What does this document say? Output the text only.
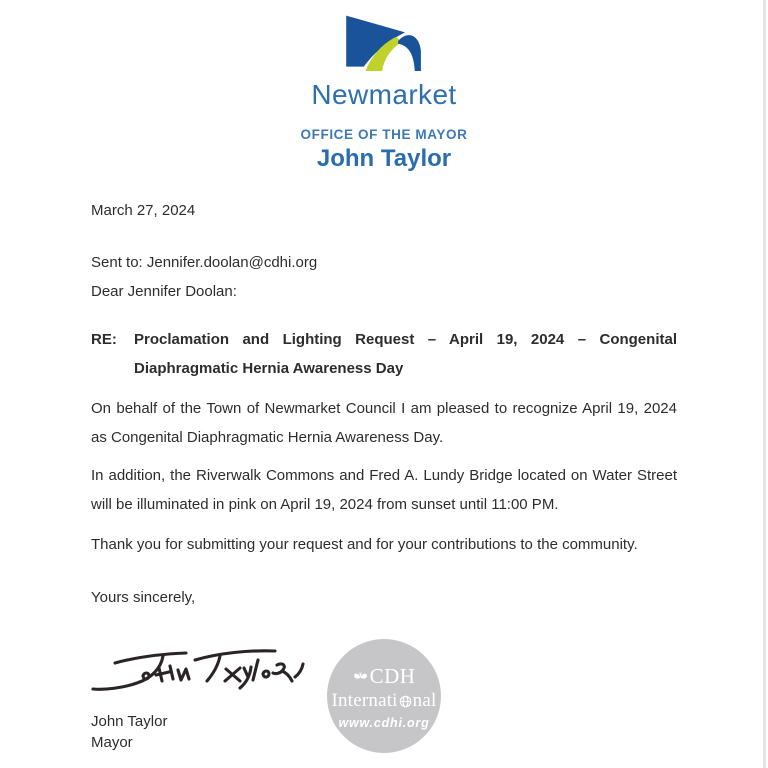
Newmarket
OFFICE OF THE MAYOR
John Taylor

March 27, 2024

Sent to: Jennifer.doolan@cdhi.org

Dear Jennifer Doolan:

RE:	Proclamation and Lighting Request – April 19, 2024 – Congenital Diaphragmatic Hernia Awareness Day

On behalf of the Town of Newmarket Council I am pleased to recognize April 19, 2024 as Congenital Diaphragmatic Hernia Awareness Day.

In addition, the Riverwalk Commons and Fred A. Lundy Bridge located on Water Street will be illuminated in pink on April 19, 2024 from sunset until 11:00 PM.

Thank you for submitting your request and for your contributions to the community.

Yours sincerely,

John Taylor
Mayor

CDH
Internati nal
www.cdhi.org
